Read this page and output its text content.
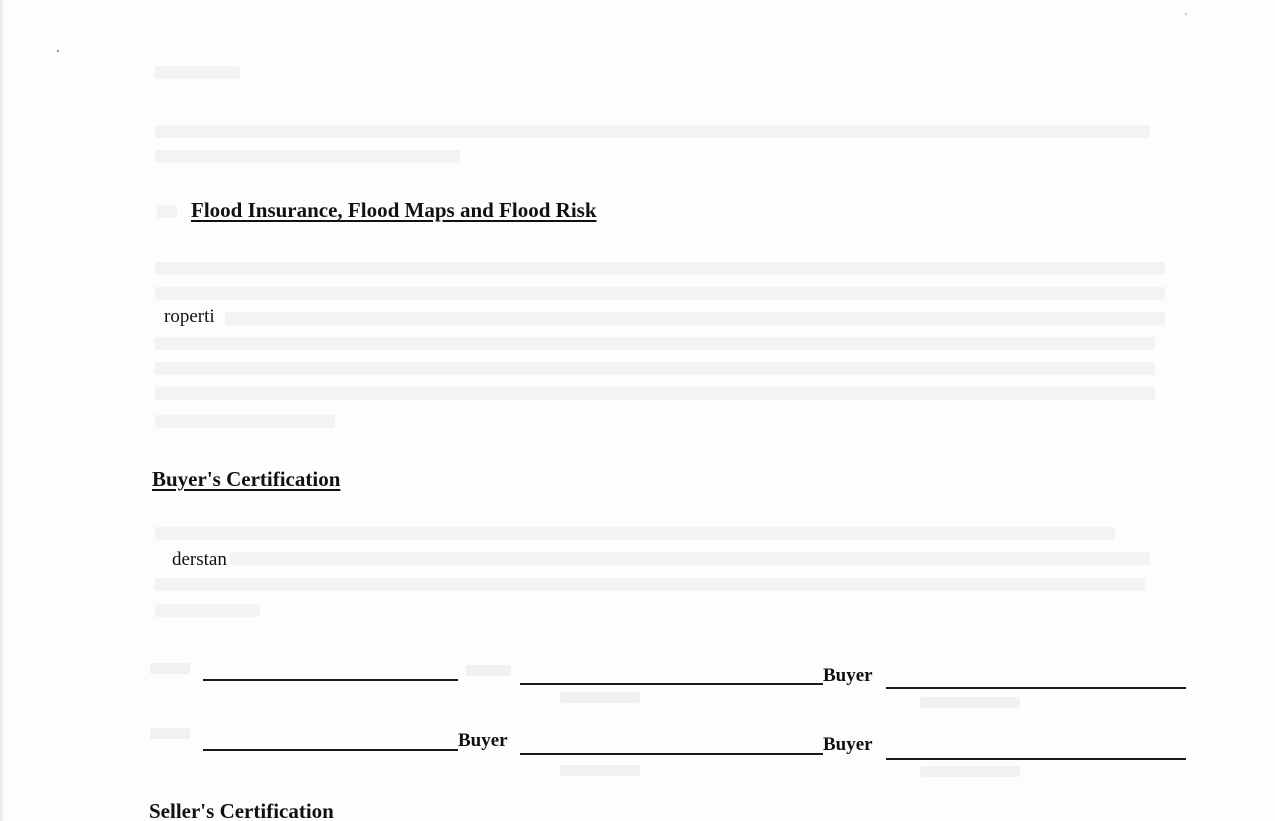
Flood Insurance, Flood Maps and Flood Risk
roperti
Buyer's Certification
derstan
Buyer
Buyer	Buyer
Seller's Certification
